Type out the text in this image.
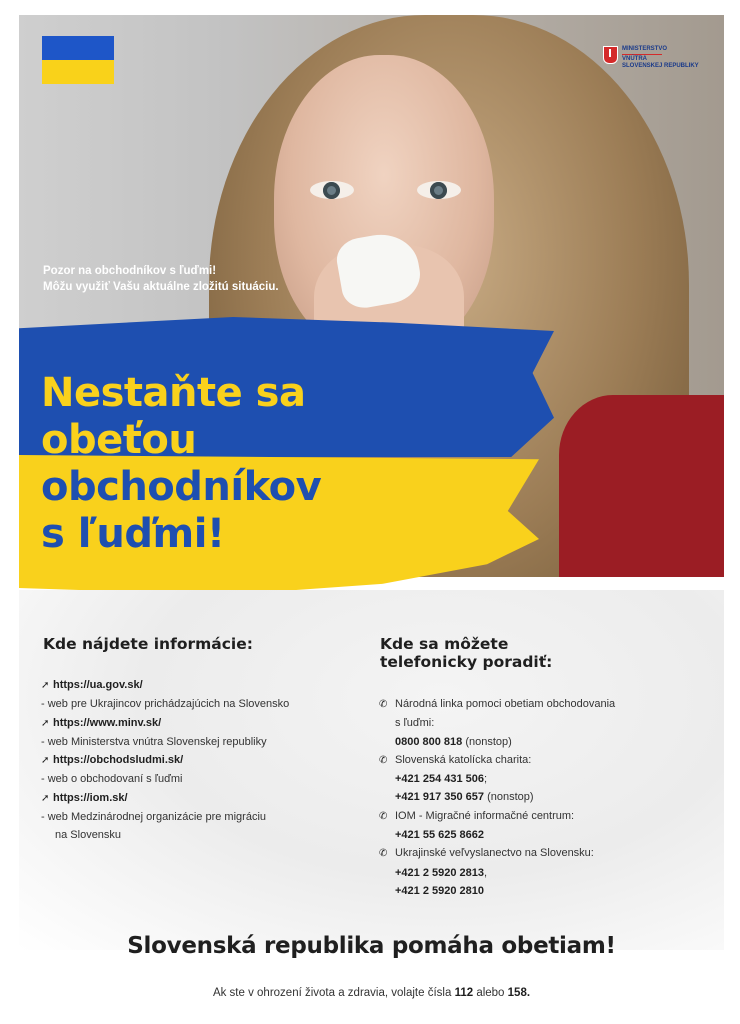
MINISTERSTVO
VNÚTRA
SLOVENSKEJ REPUBLIKY
Pozor na obchodníkov s ľuďmi!
Môžu využiť Vašu aktuálne zložitú situáciu.
Nestaňte sa
obeťou
obchodníkov
s ľuďmi!
Kde nájdete informácie:	Kde sa môžete
telefonicky poradiť:
➚ https://ua.gov.sk/
- web pre Ukrajincov prichádzajúcich na Slovensko
➚ https://www.minv.sk/
- web Ministerstva vnútra Slovenskej republiky
➚ https://obchodsludmi.sk/
- web o obchodovaní s ľuďmi
➚ https://iom.sk/
- web Medzinárodnej organizácie pre migráciu
na Slovensku
✆ Národná linka pomoci obetiam obchodovania
s ľuďmi:
0800 800 818 (nonstop)
✆ Slovenská katolícka charita:
+421 254 431 506;
+421 917 350 657 (nonstop)
✆ IOM - Migračné informačné centrum:
+421 55 625 8662
✆ Ukrajinské veľvyslanectvo na Slovensku:
+421 2 5920 2813,
+421 2 5920 2810
Slovenská republika pomáha obetiam!
Ak ste v ohrození života a zdravia, volajte čísla 112 alebo 158.
